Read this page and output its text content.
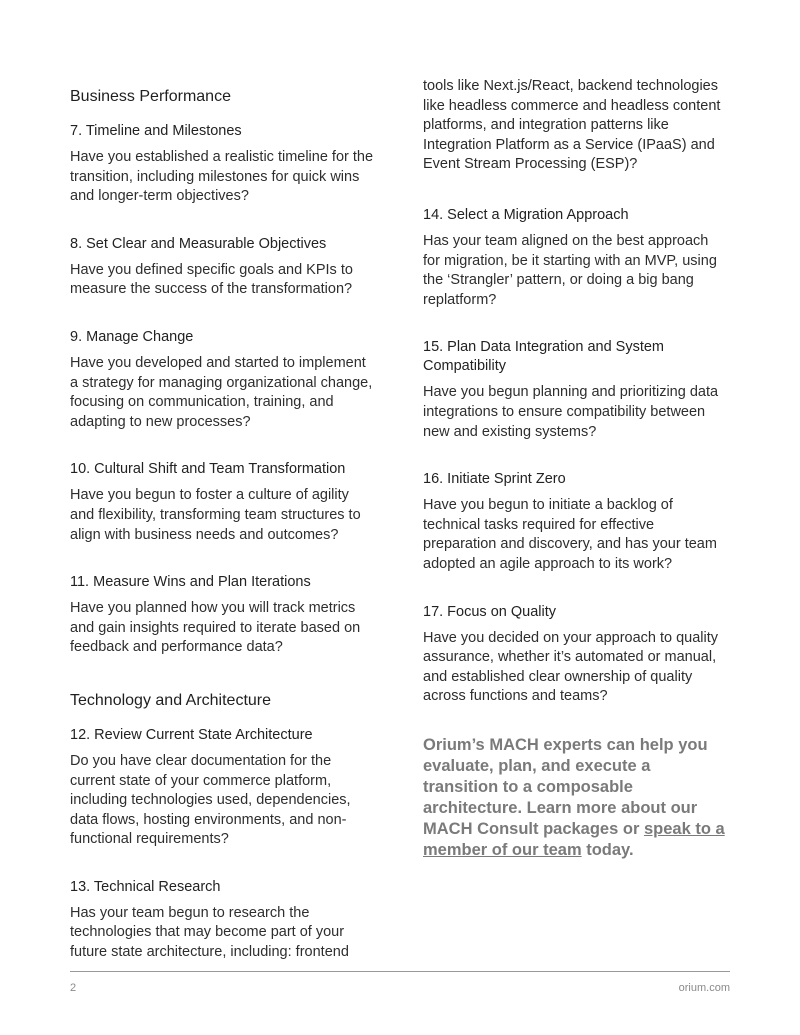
Business Performance

7. Timeline and Milestones

Have you established a realistic timeline for the transition, including milestones for quick wins and longer-term objectives?

8. Set Clear and Measurable Objectives

Have you defined specific goals and KPIs to measure the success of the transformation?

9. Manage Change

Have you developed and started to implement a strategy for managing organizational change, focusing on communication, training, and adapting to new processes?

10. Cultural Shift and Team Transformation

Have you begun to foster a culture of agility and flexibility, transforming team structures to align with business needs and outcomes?

11. Measure Wins and Plan Iterations

Have you planned how you will track metrics and gain insights required to iterate based on feedback and performance data?

Technology and Architecture

12. Review Current State Architecture

Do you have clear documentation for the current state of your commerce platform, including technologies used, dependencies, data flows, hosting environments, and non-functional requirements?

13. Technical Research

Has your team begun to research the technologies that may become part of your future state architecture, including: frontend

tools like Next.js/React, backend technologies like headless commerce and headless content platforms, and integration patterns like Integration Platform as a Service (IPaaS) and Event Stream Processing (ESP)?

14. Select a Migration Approach

Has your team aligned on the best approach for migration, be it starting with an MVP, using the ‘Strangler’ pattern, or doing a big bang replatform?

15. Plan Data Integration and System Compatibility

Have you begun planning and prioritizing data integrations to ensure compatibility between new and existing systems?

16. Initiate Sprint Zero

Have you begun to initiate a backlog of technical tasks required for effective preparation and discovery, and has your team adopted an agile approach to its work?

17. Focus on Quality

Have you decided on your approach to quality assurance, whether it’s automated or manual, and established clear ownership of quality across functions and teams?

Orium’s MACH experts can help you evaluate, plan, and execute a transition to a composable architecture. Learn more about our MACH Consult packages or speak to a member of our team today.

2	orium.com
